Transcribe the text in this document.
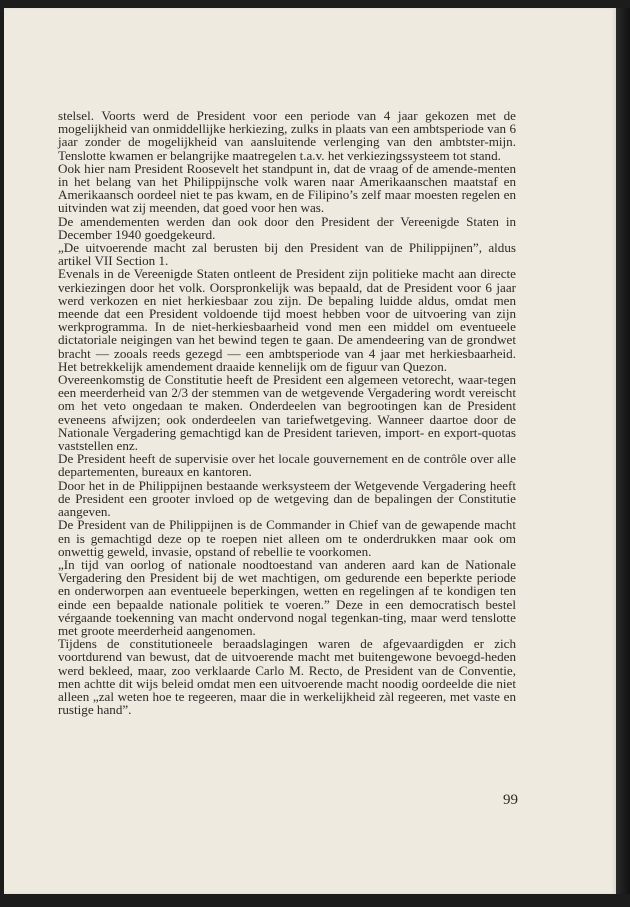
stelsel. Voorts werd de President voor een periode van 4 jaar gekozen met de mogelijkheid van onmiddellijke herkiezing, zulks in plaats van een ambtsperiode van 6 jaar zonder de mogelijkheid van aansluitende verlenging van den ambtster-mijn. Tenslotte kwamen er belangrijke maatregelen t.a.v. het verkiezingssysteem tot stand.

Ook hier nam President Roosevelt het standpunt in, dat de vraag of de amende-menten in het belang van het Philippijnsche volk waren naar Amerikaanschen maatstaf en Amerikaansch oordeel niet te pas kwam, en de Filipino’s zelf maar moesten regelen en uitvinden wat zij meenden, dat goed voor hen was.

De amendementen werden dan ook door den President der Vereenigde Staten in December 1940 goedgekeurd.

„De uitvoerende macht zal berusten bij den President van de Philippijnen”, aldus artikel VII Section 1.

Evenals in de Vereenigde Staten ontleent de President zijn politieke macht aan directe verkiezingen door het volk. Oorspronkelijk was bepaald, dat de President voor 6 jaar werd verkozen en niet herkiesbaar zou zijn. De bepaling luidde aldus, omdat men meende dat een President voldoende tijd moest hebben voor de uitvoering van zijn werkprogramma. In de niet-herkiesbaarheid vond men een middel om eventueele dictatoriale neigingen van het bewind tegen te gaan. De amendeering van de grondwet bracht — zooals reeds gezegd — een ambtsperiode van 4 jaar met herkiesbaarheid. Het betrekkelijk amendement draaide kennelijk om de figuur van Quezon.

Overeenkomstig de Constitutie heeft de President een algemeen vetorecht, waar-tegen een meerderheid van 2/3 der stemmen van de wetgevende Vergadering wordt vereischt om het veto ongedaan te maken. Onderdeelen van begrootingen kan de President eveneens afwijzen; ook onderdeelen van tariefwetgeving. Wanneer daartoe door de Nationale Vergadering gemachtigd kan de President tarieven, import- en export-quotas vaststellen enz.

De President heeft de supervisie over het locale gouvernement en de contrôle over alle departementen, bureaux en kantoren.

Door het in de Philippijnen bestaande werksysteem der Wetgevende Vergadering heeft de President een grooter invloed op de wetgeving dan de bepalingen der Constitutie aangeven.

De President van de Philippijnen is de Commander in Chief van de gewapende macht en is gemachtigd deze op te roepen niet alleen om te onderdrukken maar ook om onwettig geweld, invasie, opstand of rebellie te voorkomen.

„In tijd van oorlog of nationale noodtoestand van anderen aard kan de Nationale Vergadering den President bij de wet machtigen, om gedurende een beperkte periode en onderworpen aan eventueele beperkingen, wetten en regelingen af te kondigen ten einde een bepaalde nationale politiek te voeren.” Deze in een democratisch bestel vérgaande toekenning van macht ondervond nogal tegenkan-ting, maar werd tenslotte met groote meerderheid aangenomen.

Tijdens de constitutioneele beraadslagingen waren de afgevaardigden er zich voortdurend van bewust, dat de uitvoerende macht met buitengewone bevoegd-heden werd bekleed, maar, zoo verklaarde Carlo M. Recto, de President van de Conventie, men achtte dit wijs beleid omdat men een uitvoerende macht noodig oordeelde die niet alleen „zal weten hoe te regeeren, maar die in werkelijkheid zàl regeeren, met vaste en rustige hand”.

99
